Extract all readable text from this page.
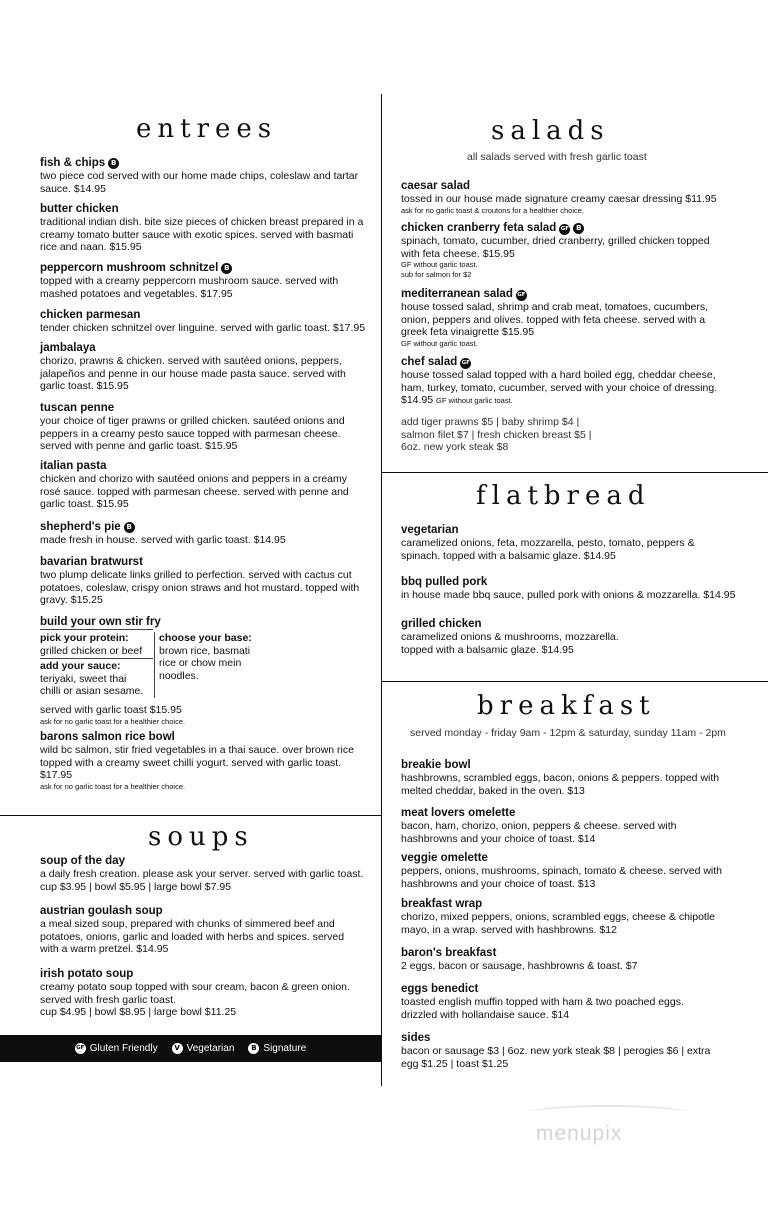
entrees
fish & chips B
two piece cod served with our home made chips, coleslaw and tartar sauce. $14.95
butter chicken
traditional indian dish. bite size pieces of chicken breast prepared in a creamy tomato butter sauce with exotic spices. served with basmati rice and naan. $15.95
peppercorn mushroom schnitzel B
topped with a creamy peppercorn mushroom sauce. served with mashed potatoes and vegetables. $17.95
chicken parmesan
tender chicken schnitzel over linguine. served with garlic toast. $17.95
jambalaya
chorizo, prawns & chicken. served with sautéed onions, peppers, jalapeños and penne in our house made pasta sauce. served with garlic toast. $15.95
tuscan penne
your choice of tiger prawns or grilled chicken. sautéed onions and peppers in a creamy pesto sauce topped with parmesan cheese. served with penne and garlic toast. $15.95
italian pasta
chicken and chorizo with sautéed onions and peppers in a creamy rosé sauce. topped with parmesan cheese. served with penne and garlic toast. $15.95
shepherd's pie B
made fresh in house. served with garlic toast. $14.95
bavarian bratwurst
two plump delicate links grilled to perfection. served with cactus cut potatoes, coleslaw, crispy onion straws and hot mustard. topped with gravy. $15.25
build your own stir fry
pick your protein:
grilled chicken or beef
add your sauce:
teriyaki, sweet thai
chilli or asian sesame.
choose your base:
brown rice, basmati
rice or chow mein
noodles.
served with garlic toast $15.95
ask for no garlic toast for a healthier choice.
barons salmon rice bowl
wild bc salmon, stir fried vegetables in a thai sauce. over brown rice topped with a creamy sweet chilli yogurt. served with garlic toast. $17.95
ask for no garlic toast for a healthier choice.
soups
soup of the day
a daily fresh creation. please ask your server. served with garlic toast.
cup $3.95 | bowl $5.95 | large bowl $7.95
austrian goulash soup
a meal sized soup, prepared with chunks of simmered beef and potatoes, onions, garlic and loaded with herbs and spices. served with a warm pretzel. $14.95
irish potato soup
creamy potato soup topped with sour cream, bacon & green onion. served with fresh garlic toast.
cup $4.95 | bowl $8.95 | large bowl $11.25
GF Gluten Friendly	V Vegetarian	B Signature
salads
all salads served with fresh garlic toast
caesar salad
tossed in our house made signature creamy caesar dressing $11.95
ask for no garlic toast & croutons for a healthier choice.
chicken cranberry feta salad GF B
spinach, tomato, cucumber, dried cranberry, grilled chicken topped with feta cheese. $15.95
GF without garlic toast.
sub for salmon for $2
mediterranean salad GF
house tossed salad, shrimp and crab meat, tomatoes, cucumbers, onion, peppers and olives. topped with feta cheese. served with a greek feta vinaigrette $15.95
GF without garlic toast.
chef salad GF
house tossed salad topped with a hard boiled egg, cheddar cheese, ham, turkey, tomato, cucumber, served with your choice of dressing. $14.95 GF without garlic toast.
add tiger prawns $5 | baby shrimp $4 |
salmon filet $7 | fresh chicken breast $5 |
6oz. new york steak $8
flatbread
vegetarian
caramelized onions, feta, mozzarella, pesto, tomato, peppers & spinach. topped with a balsamic glaze. $14.95
bbq pulled pork
in house made bbq sauce, pulled pork with onions & mozzarella. $14.95
grilled chicken
caramelized onions & mushrooms, mozzarella. topped with a balsamic glaze. $14.95
breakfast
served monday - friday 9am - 12pm & saturday, sunday 11am - 2pm
breakie bowl
hashbrowns, scrambled eggs, bacon, onions & peppers. topped with melted cheddar, baked in the oven. $13
meat lovers omelette
bacon, ham, chorizo, onion, peppers & cheese. served with hashbrowns and your choice of toast. $14
veggie omelette
peppers, onions, mushrooms, spinach, tomato & cheese. served with hashbrowns and your choice of toast. $13
breakfast wrap
chorizo, mixed peppers, onions, scrambled eggs, cheese & chipotle mayo, in a wrap. served with hashbrowns. $12
baron's breakfast
2 eggs, bacon or sausage, hashbrowns & toast. $7
eggs benedict
toasted english muffin topped with ham & two poached eggs. drizzled with hollandaise sauce. $14
sides
bacon or sausage $3 | 6oz. new york steak $8 | perogies $6 | extra egg $1.25 | toast $1.25
menupix
